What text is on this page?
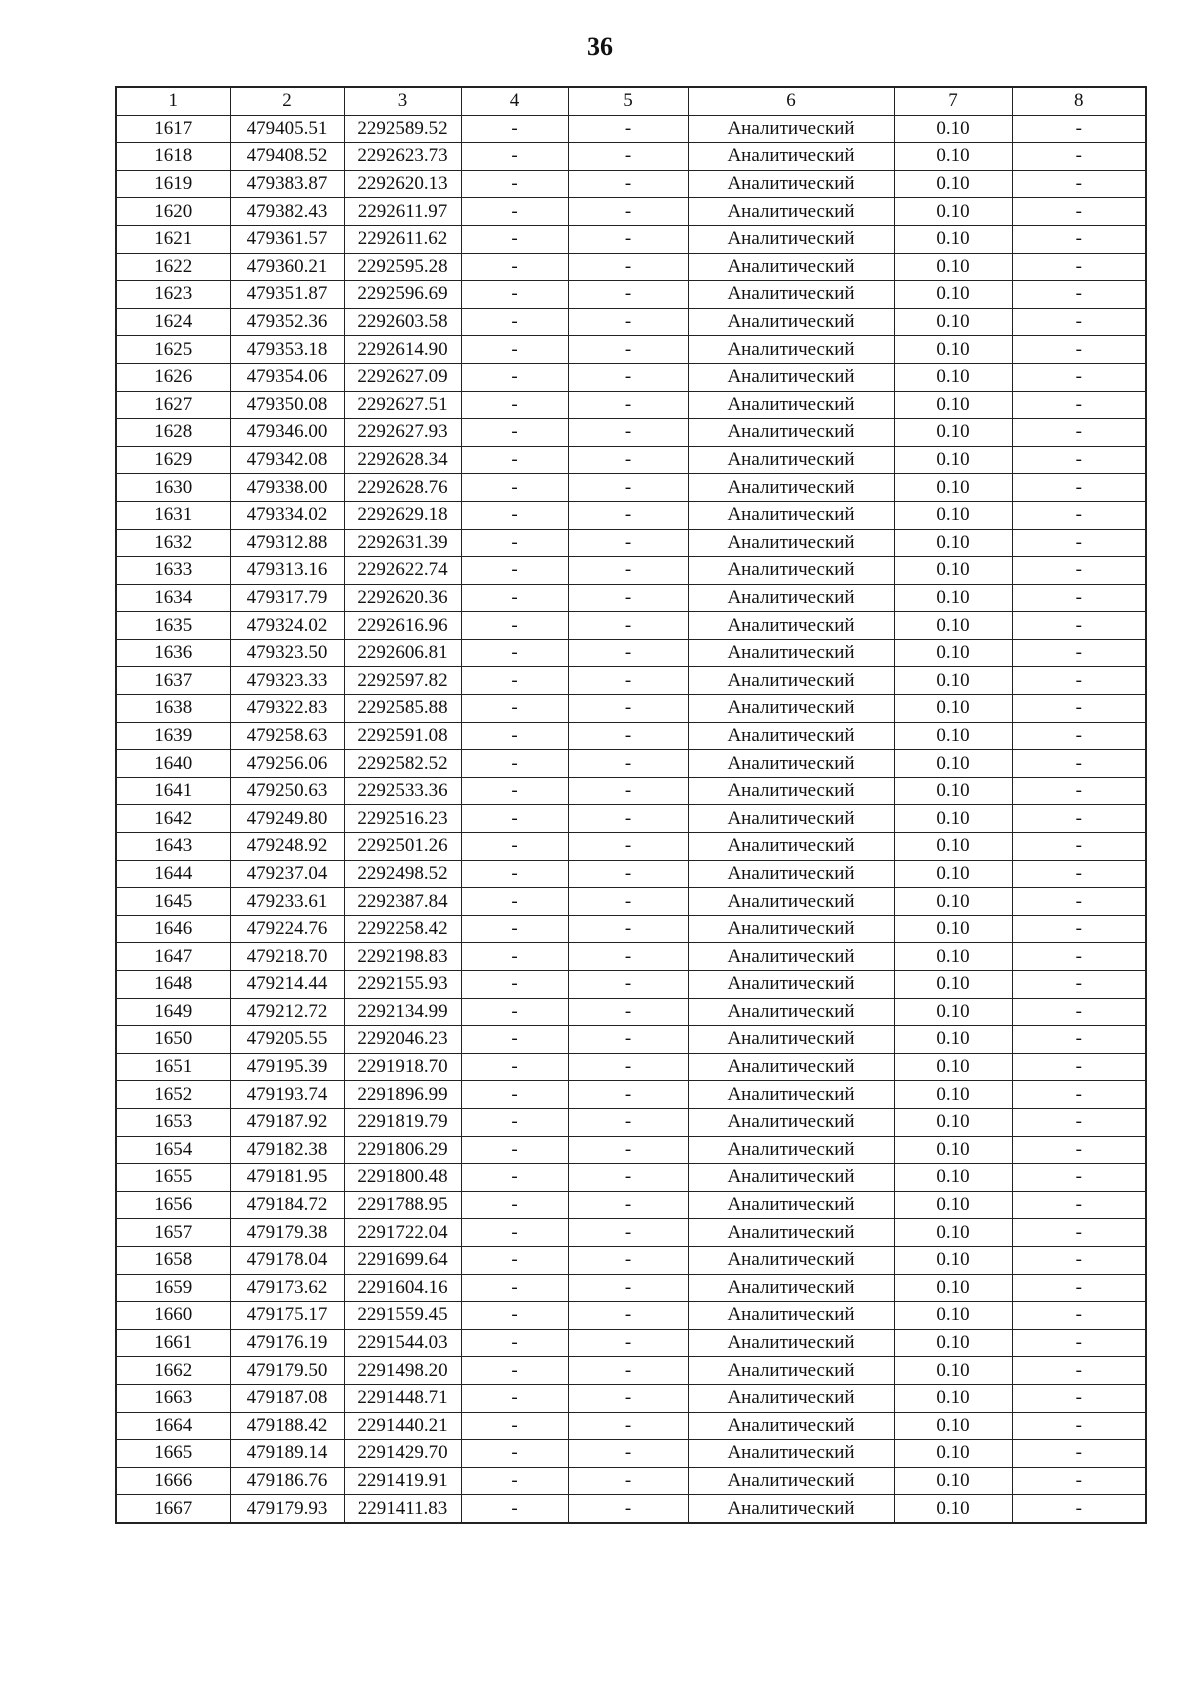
36
1	2	3	4	5	6	7	8
1617	479405.51	2292589.52	-	-	Аналитический	0.10	-
1618	479408.52	2292623.73	-	-	Аналитический	0.10	-
1619	479383.87	2292620.13	-	-	Аналитический	0.10	-
1620	479382.43	2292611.97	-	-	Аналитический	0.10	-
1621	479361.57	2292611.62	-	-	Аналитический	0.10	-
1622	479360.21	2292595.28	-	-	Аналитический	0.10	-
1623	479351.87	2292596.69	-	-	Аналитический	0.10	-
1624	479352.36	2292603.58	-	-	Аналитический	0.10	-
1625	479353.18	2292614.90	-	-	Аналитический	0.10	-
1626	479354.06	2292627.09	-	-	Аналитический	0.10	-
1627	479350.08	2292627.51	-	-	Аналитический	0.10	-
1628	479346.00	2292627.93	-	-	Аналитический	0.10	-
1629	479342.08	2292628.34	-	-	Аналитический	0.10	-
1630	479338.00	2292628.76	-	-	Аналитический	0.10	-
1631	479334.02	2292629.18	-	-	Аналитический	0.10	-
1632	479312.88	2292631.39	-	-	Аналитический	0.10	-
1633	479313.16	2292622.74	-	-	Аналитический	0.10	-
1634	479317.79	2292620.36	-	-	Аналитический	0.10	-
1635	479324.02	2292616.96	-	-	Аналитический	0.10	-
1636	479323.50	2292606.81	-	-	Аналитический	0.10	-
1637	479323.33	2292597.82	-	-	Аналитический	0.10	-
1638	479322.83	2292585.88	-	-	Аналитический	0.10	-
1639	479258.63	2292591.08	-	-	Аналитический	0.10	-
1640	479256.06	2292582.52	-	-	Аналитический	0.10	-
1641	479250.63	2292533.36	-	-	Аналитический	0.10	-
1642	479249.80	2292516.23	-	-	Аналитический	0.10	-
1643	479248.92	2292501.26	-	-	Аналитический	0.10	-
1644	479237.04	2292498.52	-	-	Аналитический	0.10	-
1645	479233.61	2292387.84	-	-	Аналитический	0.10	-
1646	479224.76	2292258.42	-	-	Аналитический	0.10	-
1647	479218.70	2292198.83	-	-	Аналитический	0.10	-
1648	479214.44	2292155.93	-	-	Аналитический	0.10	-
1649	479212.72	2292134.99	-	-	Аналитический	0.10	-
1650	479205.55	2292046.23	-	-	Аналитический	0.10	-
1651	479195.39	2291918.70	-	-	Аналитический	0.10	-
1652	479193.74	2291896.99	-	-	Аналитический	0.10	-
1653	479187.92	2291819.79	-	-	Аналитический	0.10	-
1654	479182.38	2291806.29	-	-	Аналитический	0.10	-
1655	479181.95	2291800.48	-	-	Аналитический	0.10	-
1656	479184.72	2291788.95	-	-	Аналитический	0.10	-
1657	479179.38	2291722.04	-	-	Аналитический	0.10	-
1658	479178.04	2291699.64	-	-	Аналитический	0.10	-
1659	479173.62	2291604.16	-	-	Аналитический	0.10	-
1660	479175.17	2291559.45	-	-	Аналитический	0.10	-
1661	479176.19	2291544.03	-	-	Аналитический	0.10	-
1662	479179.50	2291498.20	-	-	Аналитический	0.10	-
1663	479187.08	2291448.71	-	-	Аналитический	0.10	-
1664	479188.42	2291440.21	-	-	Аналитический	0.10	-
1665	479189.14	2291429.70	-	-	Аналитический	0.10	-
1666	479186.76	2291419.91	-	-	Аналитический	0.10	-
1667	479179.93	2291411.83	-	-	Аналитический	0.10	-
